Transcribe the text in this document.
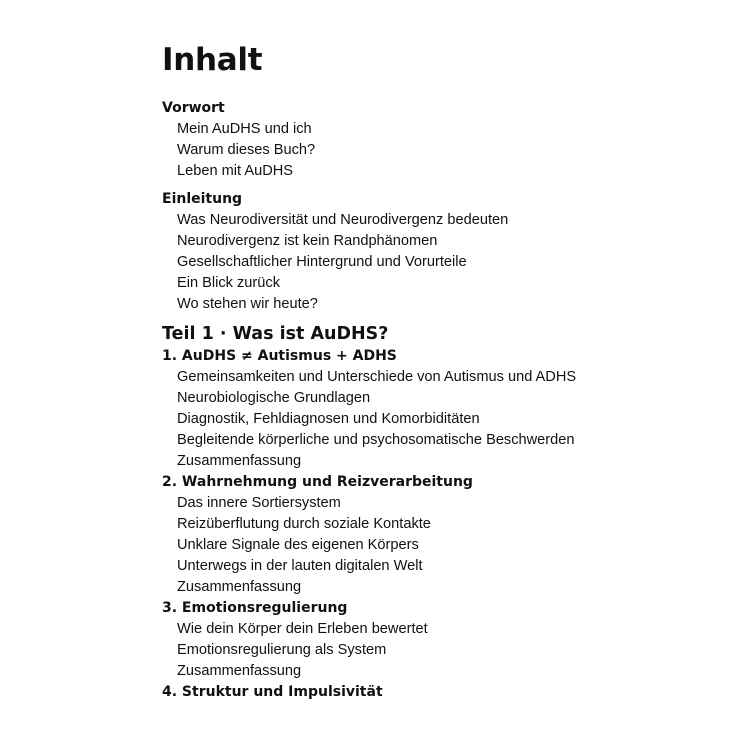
Inhalt
Vorwort
Mein AuDHS und ich
Warum dieses Buch?
Leben mit AuDHS
Einleitung
Was Neurodiversität und Neurodivergenz bedeuten
Neurodivergenz ist kein Randphänomen
Gesellschaftlicher Hintergrund und Vorurteile
Ein Blick zurück
Wo stehen wir heute?
Teil 1 · Was ist AuDHS?
1. AuDHS ≠ Autismus + ADHS
Gemeinsamkeiten und Unterschiede von Autismus und ADHS
Neurobiologische Grundlagen
Diagnostik, Fehldiagnosen und Komorbiditäten
Begleitende körperliche und psychosomatische Beschwerden
Zusammenfassung
2. Wahrnehmung und Reizverarbeitung
Das innere Sortiersystem
Reizüberflutung durch soziale Kontakte
Unklare Signale des eigenen Körpers
Unterwegs in der lauten digitalen Welt
Zusammenfassung
3. Emotionsregulierung
Wie dein Körper dein Erleben bewertet
Emotionsregulierung als System
Zusammenfassung
4. Struktur und Impulsivität
